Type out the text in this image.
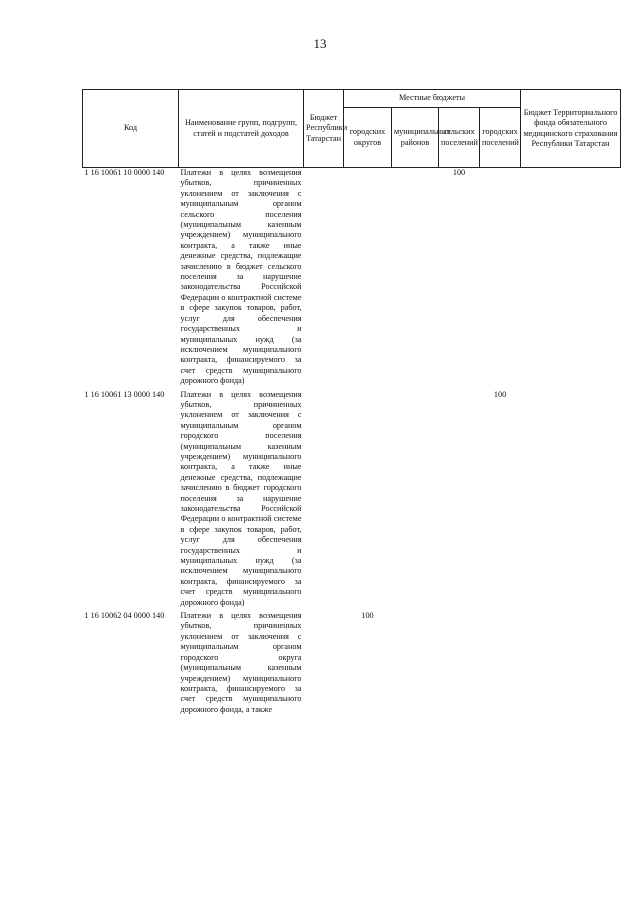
13
Код	Наименование групп, подгрупп, статей и подстатей доходов	Бюджет Республики Татарстан	Местные бюджеты				Бюджет Территориального фонда обязательного медицинского страхования Республики Татарстан
			городских округов	муниципальных районов	сельских поселений	городских поселений	
1 16 10061 10 0000 140	Платежи в целях возмещения убытков, причиненных уклонением от заключения с муниципальным органом сельского поселения (муниципальным казенным учреждением) муниципального контракта, а также иные денежные средства, подлежащие зачислению в бюджет сельского поселения за нарушение законодательства Российской Федерации о контрактной системе в сфере закупок товаров, работ, услуг для обеспечения государственных и муниципальных нужд (за исключением муниципального контракта, финансируемого за счет средств муниципального дорожного фонда)				100		
1 16 10061 13 0000 140	Платежи в целях возмещения убытков, причиненных уклонением от заключения с муниципальным органом городского поселения (муниципальным казенным учреждением) муниципального контракта, а также иные денежные средства, подлежащие зачислению в бюджет городского поселения за нарушение законодательства Российской Федерации о контрактной системе в сфере закупок товаров, работ, услуг для обеспечения государственных и муниципальных нужд (за исключением муниципального контракта, финансируемого за счет средств муниципального дорожного фонда)					100	
1 16 10062 04 0000 140	Платежи в целях возмещения убытков, причиненных уклонением от заключения с муниципальным органом городского округа (муниципальным казенным учреждением) муниципального контракта, финансируемого за счет средств муниципального дорожного фонда, а также		100				
